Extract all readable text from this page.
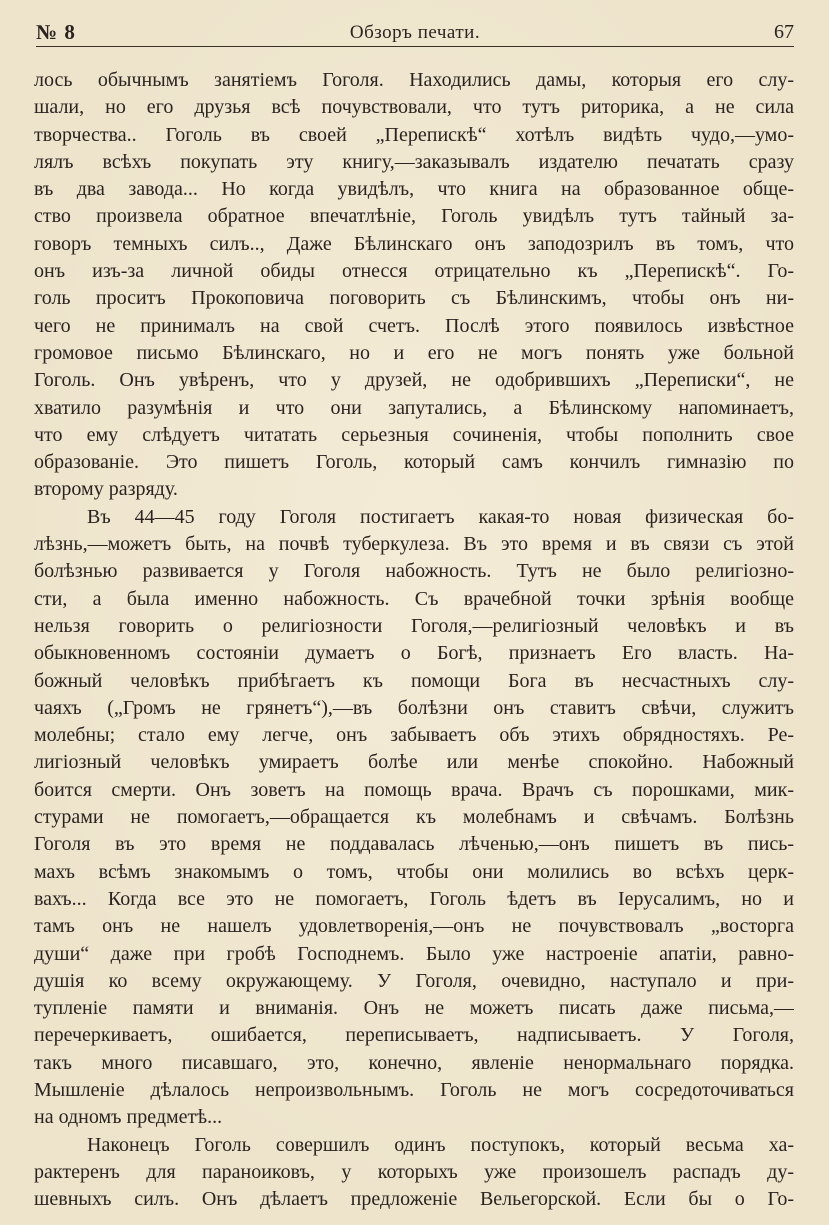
№ 8	Обзоръ печати.	67
лось обычнымъ занятіемъ Гоголя. Находились дамы, которыя его слу-
шали, но его друзья всѣ почувствовали, что тутъ риторика, а не сила
творчества.. Гоголь въ своей „Перепискѣ“ хотѣлъ видѣть чудо,—умо-
лялъ всѣхъ покупать эту книгу,—заказывалъ издателю печатать сразу
въ два завода... Но когда увидѣлъ, что книга на образованное обще-
ство произвела обратное впечатлѣніе, Гоголь увидѣлъ тутъ тайный за-
говоръ темныхъ силъ.., Даже Бѣлинскаго онъ заподозрилъ въ томъ, что
онъ изъ-за личной обиды отнесся отрицательно къ „Перепискѣ“. Го-
голь проситъ Прокоповича поговорить съ Бѣлинскимъ, чтобы онъ ни-
чего не принималъ на свой счетъ. Послѣ этого появилось извѣстное
громовое письмо Бѣлинскаго, но и его не могъ понять уже больной
Гоголь. Онъ увѣренъ, что у друзей, не одобрившихъ „Переписки“, не
хватило разумѣнія и что они запутались, а Бѣлинскому напоминаетъ,
что ему слѣдуетъ читатать серьезныя сочиненія, чтобы пополнить свое
образованіе. Это пишетъ Гоголь, который самъ кончилъ гимназію по
второму разряду.
Въ 44—45 году Гоголя постигаетъ какая-то новая физическая бо-
лѣзнь,—можетъ быть, на почвѣ туберкулеза. Въ это время и въ связи съ этой
болѣзнью развивается у Гоголя набожность. Тутъ не было религіозно-
сти, а была именно набожность. Съ врачебной точки зрѣнія вообще
нельзя говорить о религіозности Гоголя,—религіозный человѣкъ и въ
обыкновенномъ состояніи думаетъ о Богѣ, признаетъ Его власть. На-
божный человѣкъ прибѣгаетъ къ помощи Бога въ несчастныхъ слу-
чаяхъ („Громъ не грянетъ“),—въ болѣзни онъ ставитъ свѣчи, служитъ
молебны; стало ему легче, онъ забываетъ объ этихъ обрядностяхъ. Ре-
лигіозный человѣкъ умираетъ болѣе или менѣе спокойно. Набожный
боится смерти. Онъ зоветъ на помощь врача. Врачъ съ порошками, мик-
стурами не помогаетъ,—обращается къ молебнамъ и свѣчамъ. Болѣзнь
Гоголя въ это время не поддавалась лѣченью,—онъ пишетъ въ пись-
махъ всѣмъ знакомымъ о томъ, чтобы они молились во всѣхъ церк-
вахъ... Когда все это не помогаетъ, Гоголь ѣдетъ въ Іерусалимъ, но и
тамъ онъ не нашелъ удовлетворенія,—онъ не почувствовалъ „восторга
души“ даже при гробѣ Господнемъ. Было уже настроеніе апатіи, равно-
душія ко всему окружающему. У Гоголя, очевидно, наступало и при-
тупленіе памяти и вниманія. Онъ не можетъ писать даже письма,—
перечеркиваетъ, ошибается, переписываетъ, надписываетъ. У Гоголя,
такъ много писавшаго, это, конечно, явленіе ненормальнаго порядка.
Мышленіе дѣлалось непроизвольнымъ. Гоголь не могъ сосредоточиваться
на одномъ предметѣ...
Наконецъ Гоголь совершилъ одинъ поступокъ, который весьма ха-
рактеренъ для параноиковъ, у которыхъ уже произошелъ распадъ ду-
шевныхъ силъ. Онъ дѣлаетъ предложеніе Вельегорской. Если бы о Го-
